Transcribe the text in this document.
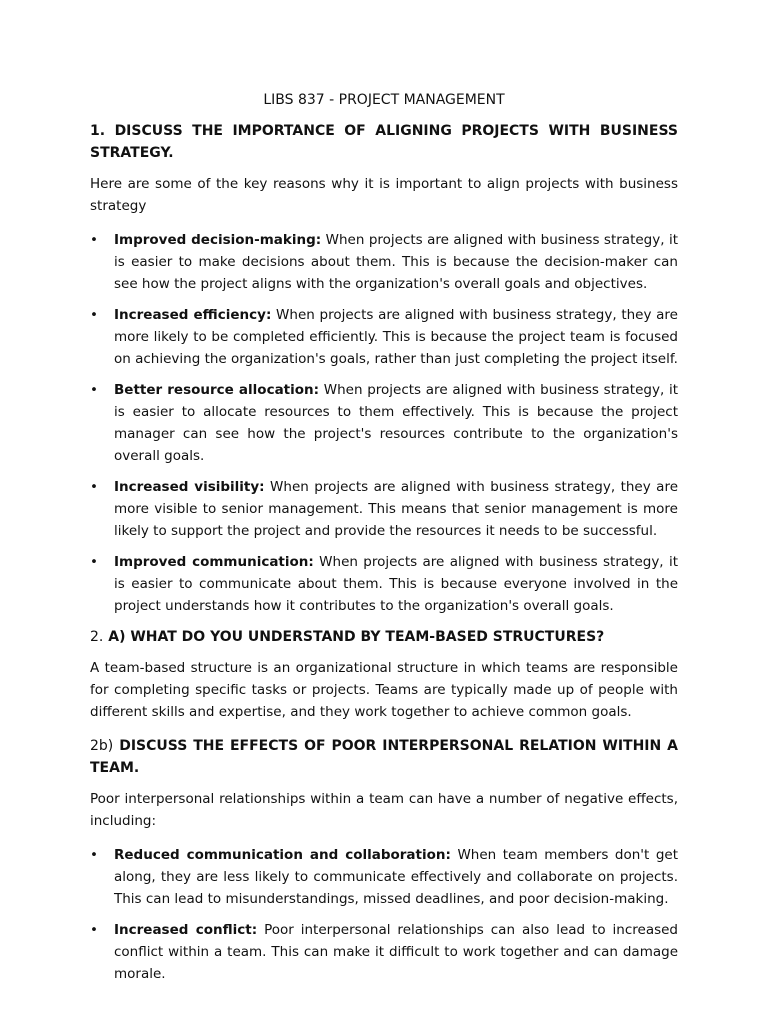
LIBS 837 - PROJECT MANAGEMENT
1. DISCUSS THE IMPORTANCE OF ALIGNING PROJECTS WITH BUSINESS STRATEGY.

Here are some of the key reasons why it is important to align projects with business strategy

• Improved decision-making: When projects are aligned with business strategy, it is easier to make decisions about them. This is because the decision-maker can see how the project aligns with the organization's overall goals and objectives.
• Increased efficiency: When projects are aligned with business strategy, they are more likely to be completed efficiently. This is because the project team is focused on achieving the organization's goals, rather than just completing the project itself.
• Better resource allocation: When projects are aligned with business strategy, it is easier to allocate resources to them effectively. This is because the project manager can see how the project's resources contribute to the organization's overall goals.
• Increased visibility: When projects are aligned with business strategy, they are more visible to senior management. This means that senior management is more likely to support the project and provide the resources it needs to be successful.
• Improved communication: When projects are aligned with business strategy, it is easier to communicate about them. This is because everyone involved in the project understands how it contributes to the organization's overall goals.
2. A) WHAT DO YOU UNDERSTAND BY TEAM-BASED STRUCTURES?

A team-based structure is an organizational structure in which teams are responsible for completing specific tasks or projects. Teams are typically made up of people with different skills and expertise, and they work together to achieve common goals.

2b) DISCUSS THE EFFECTS OF POOR INTERPERSONAL RELATION WITHIN A TEAM.

Poor interpersonal relationships within a team can have a number of negative effects, including:

• Reduced communication and collaboration: When team members don't get along, they are less likely to communicate effectively and collaborate on projects. This can lead to misunderstandings, missed deadlines, and poor decision-making.
• Increased conflict: Poor interpersonal relationships can also lead to increased conflict within a team. This can make it difficult to work together and can damage morale.
